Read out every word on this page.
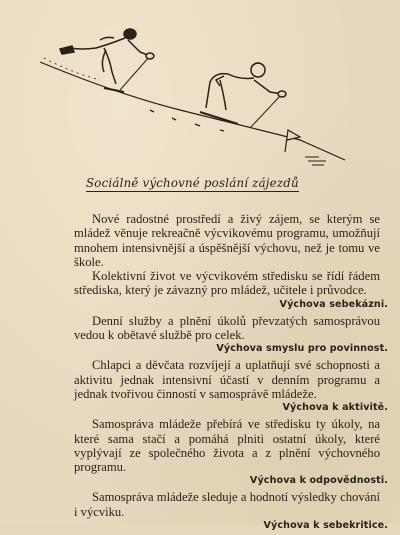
Sociálně výchovné poslání zájezdů

Nové radostné prostředí a živý zájem, se kterým se mládež věnuje rekreačně výcvikovému programu, umožňují mnohem intensivnější a úspěšnější výchovu, než je tomu ve škole.

Kolektivní život ve výcvikovém středisku se řídí řádem střediska, který je závazný pro mládež, učitele i průvodce.

Výchova sebekázni.

Denní služby a plnění úkolů převzatých samosprávou vedou k obětavé službě pro celek.

Výchova smyslu pro povinnost.

Chlapci a děvčata rozvíjejí a uplatňují své schopnosti a aktivitu jednak intensivní účastí v denním programu a jednak tvořivou činností v samosprávě mládeže.

Výchova k aktivitě.

Samospráva mládeže přebírá ve středisku ty úkoly, na které sama stačí a pomáhá plniti ostatní úkoly, které vyplývají ze společného života a z plnění výchovného programu.

Výchova k odpovědnosti.

Samospráva mládeže sleduje a hodnotí výsledky chování i výcviku.

Výchova k sebekritice.
